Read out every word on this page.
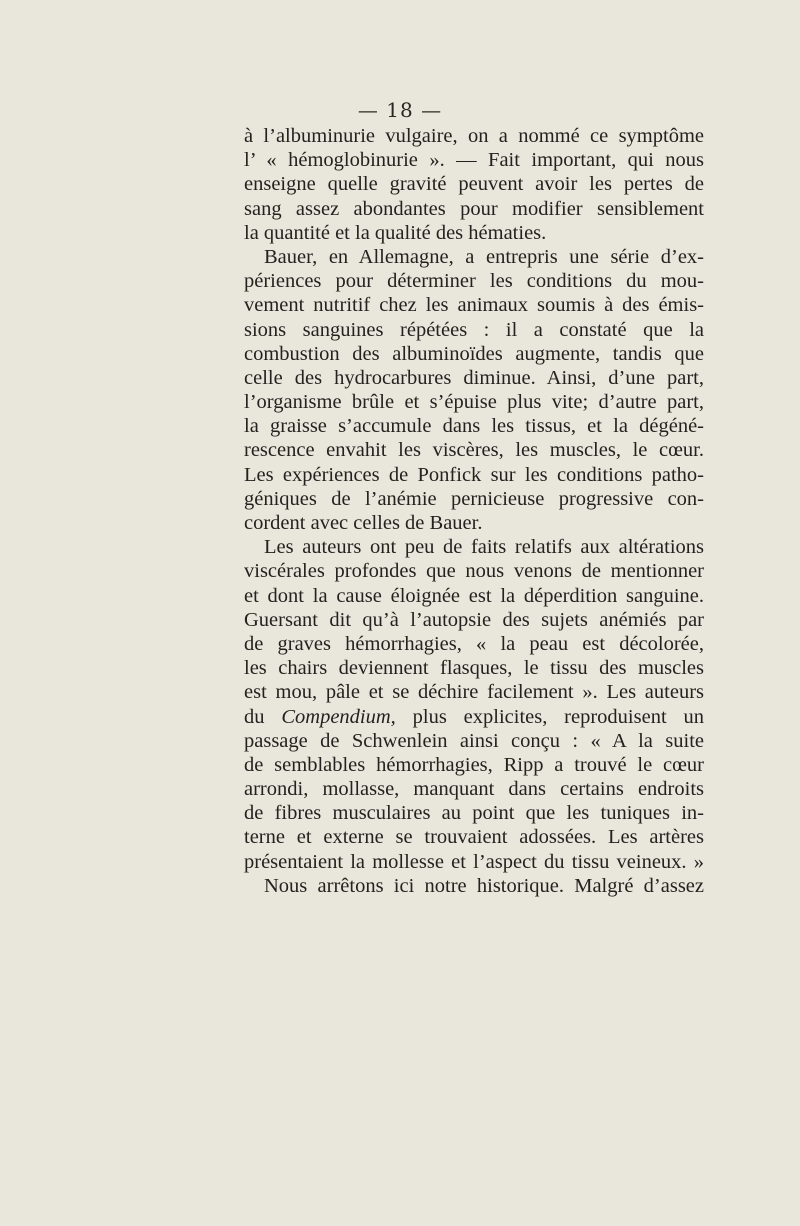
— 18 —
à l’albuminurie vulgaire, on a nommé ce symptôme
l’ « hémoglobinurie ». — Fait important, qui nous
enseigne quelle gravité peuvent avoir les pertes de
sang assez abondantes pour modifier sensiblement
la quantité et la qualité des hématies.
Bauer, en Allemagne, a entrepris une série d’ex-
périences pour déterminer les conditions du mou-
vement nutritif chez les animaux soumis à des émis-
sions sanguines répétées : il a constaté que la
combustion des albuminoïdes augmente, tandis que
celle des hydrocarbures diminue. Ainsi, d’une part,
l’organisme brûle et s’épuise plus vite; d’autre part,
la graisse s’accumule dans les tissus, et la dégéné-
rescence envahit les viscères, les muscles, le cœur.
Les expériences de Ponfick sur les conditions patho-
géniques de l’anémie pernicieuse progressive con-
cordent avec celles de Bauer.
Les auteurs ont peu de faits relatifs aux altérations
viscérales profondes que nous venons de mentionner
et dont la cause éloignée est la déperdition sanguine.
Guersant dit qu’à l’autopsie des sujets anémiés par
de graves hémorrhagies, « la peau est décolorée,
les chairs deviennent flasques, le tissu des muscles
est mou, pâle et se déchire facilement ». Les auteurs
du Compendium, plus explicites, reproduisent un
passage de Schwenlein ainsi conçu : « A la suite
de semblables hémorrhagies, Ripp a trouvé le cœur
arrondi, mollasse, manquant dans certains endroits
de fibres musculaires au point que les tuniques in-
terne et externe se trouvaient adossées. Les artères
présentaient la mollesse et l’aspect du tissu veineux. »
Nous arrêtons ici notre historique. Malgré d’assez
